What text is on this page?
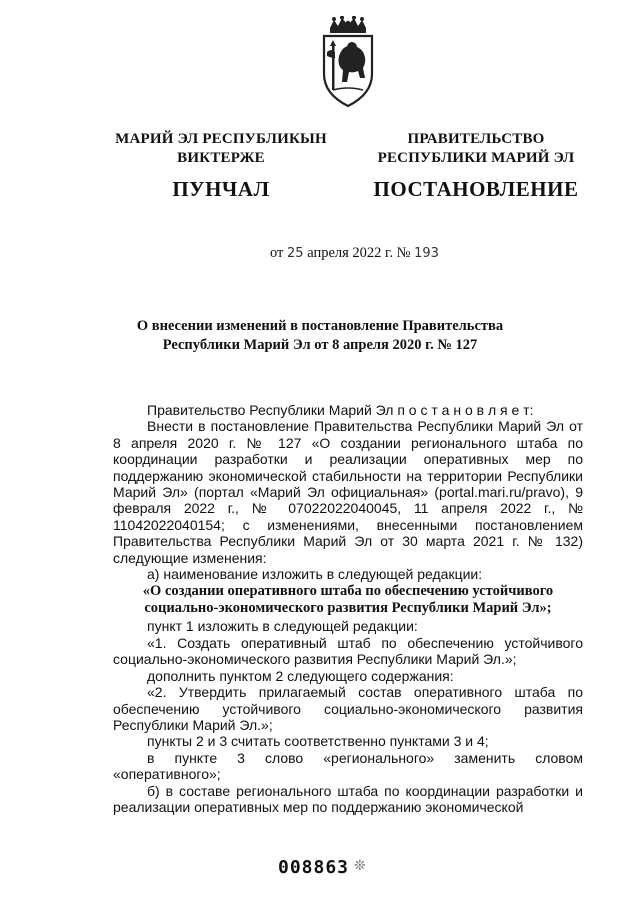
МАРИЙ ЭЛ РЕСПУБЛИКЫН
ВИКТЕРЖЕ
ПУНЧАЛ
ПРАВИТЕЛЬСТВО
РЕСПУБЛИКИ МАРИЙ ЭЛ
ПОСТАНОВЛЕНИЕ
от 25 апреля 2022 г. № 193
О внесении изменений в постановление Правительства
Республики Марий Эл от 8 апреля 2020 г. № 127

Правительство Республики Марий Эл п о с т а н о в л я е т:

Внести в постановление Правительства Республики Марий Эл от 8 апреля 2020 г. № 127 «О создании регионального штаба по координации разработки и реализации оперативных мер по поддержанию экономической стабильности на территории Республики Марий Эл» (портал «Марий Эл официальная» (portal.mari.ru/pravo), 9 февраля 2022 г., № 07022022040045, 11 апреля 2022 г., № 11042022040154; с изменениями, внесенными постановлением Правительства Республики Марий Эл от 30 марта 2021 г. № 132) следующие изменения:

а) наименование изложить в следующей редакции:

«О создании оперативного штаба по обеспечению устойчивого социально-экономического развития Республики Марий Эл»;

пункт 1 изложить в следующей редакции:

«1. Создать оперативный штаб по обеспечению устойчивого социально-экономического развития Республики Марий Эл.»;

дополнить пунктом 2 следующего содержания:

«2. Утвердить прилагаемый состав оперативного штаба по обеспечению устойчивого социально-экономического развития Республики Марий Эл.»;

пункты 2 и 3 считать соответственно пунктами 3 и 4;

в пункте 3 слово «регионального» заменить словом «оперативного»;

б) в составе регионального штаба по координации разработки и реализации оперативных мер по поддержанию экономической

008863 ❊
